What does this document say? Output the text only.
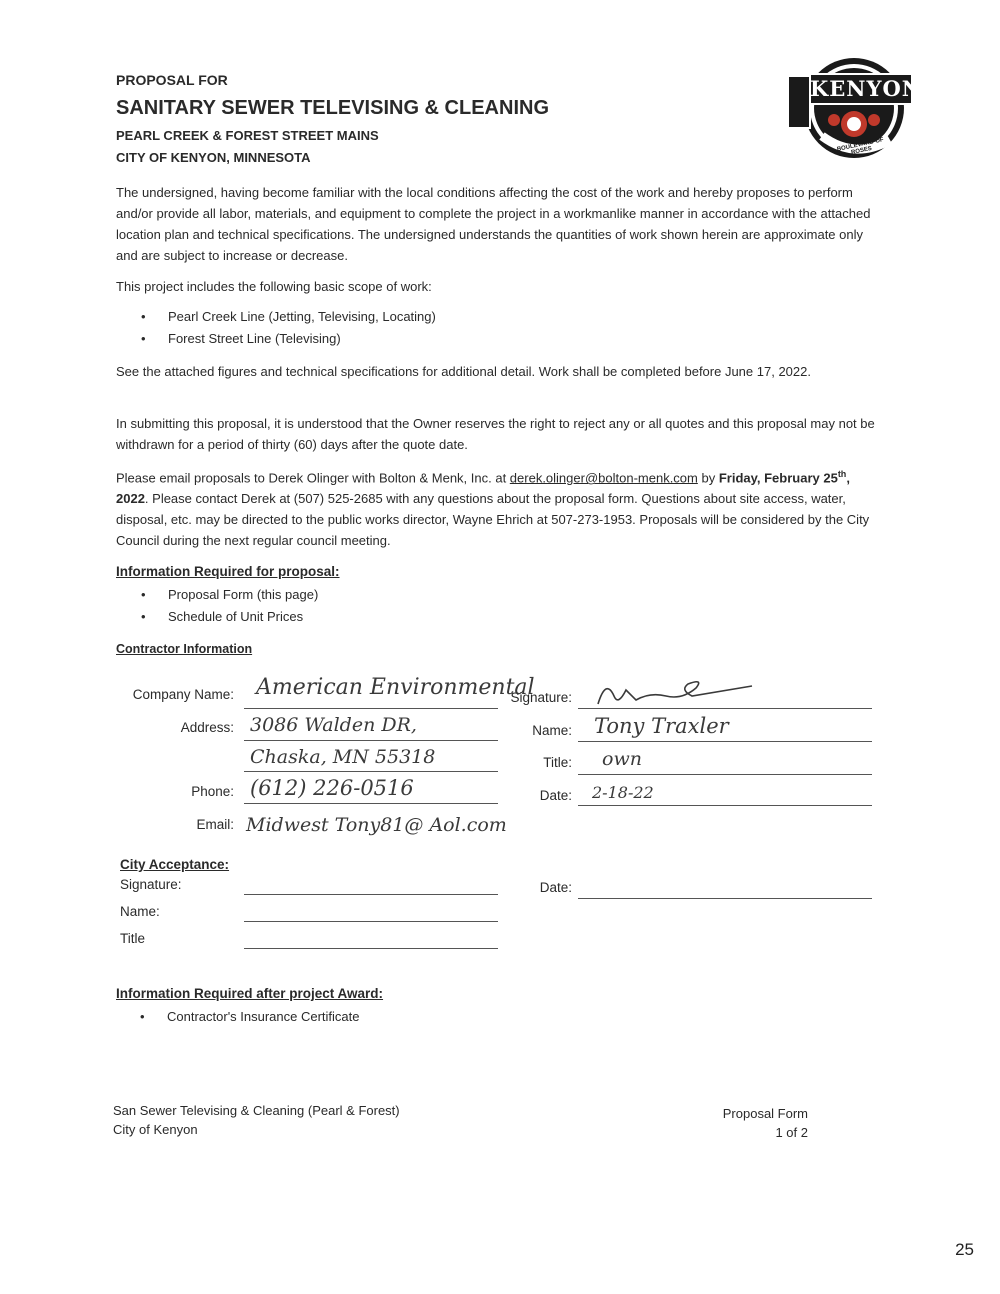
PROPOSAL FOR
SANITARY SEWER TELEVISING & CLEANING
PEARL CREEK & FOREST STREET MAINS
CITY OF KENYON, MINNESOTA
KENYON
BOULEVARD OF ROSES
The undersigned, having become familiar with the local conditions affecting the cost of the work and hereby proposes to perform and/or provide all labor, materials, and equipment to complete the project in a workmanlike manner in accordance with the attached location plan and technical specifications. The undersigned understands the quantities of work shown herein are approximate only and are subject to increase or decrease.
This project includes the following basic scope of work:
• Pearl Creek Line (Jetting, Televising, Locating)
• Forest Street Line (Televising)
See the attached figures and technical specifications for additional detail. Work shall be completed before June 17, 2022.
In submitting this proposal, it is understood that the Owner reserves the right to reject any or all quotes and this proposal may not be withdrawn for a period of thirty (60) days after the quote date.
Please email proposals to Derek Olinger with Bolton & Menk, Inc. at derek.olinger@bolton-menk.com by Friday, February 25th, 2022. Please contact Derek at (507) 525-2685 with any questions about the proposal form. Questions about site access, water, disposal, etc. may be directed to the public works director, Wayne Ehrich at 507-273-1953. Proposals will be considered by the City Council during the next regular council meeting.
Information Required for proposal:
• Proposal Form (this page)
• Schedule of Unit Prices
Contractor Information
Company Name: American Environmental
Address: 3086 Walden DR,
Chaska, MN 55318
Phone: (612) 226-0516
Email: Midwest Tony81@ Aol.com
Signature:
Name: Tony Traxler
Title: own
Date: 2-18-22
City Acceptance:
Signature:
Name:
Title
Date:
Information Required after project Award:
• Contractor's Insurance Certificate
San Sewer Televising & Cleaning (Pearl & Forest)
City of Kenyon
Proposal Form
1 of 2
25
